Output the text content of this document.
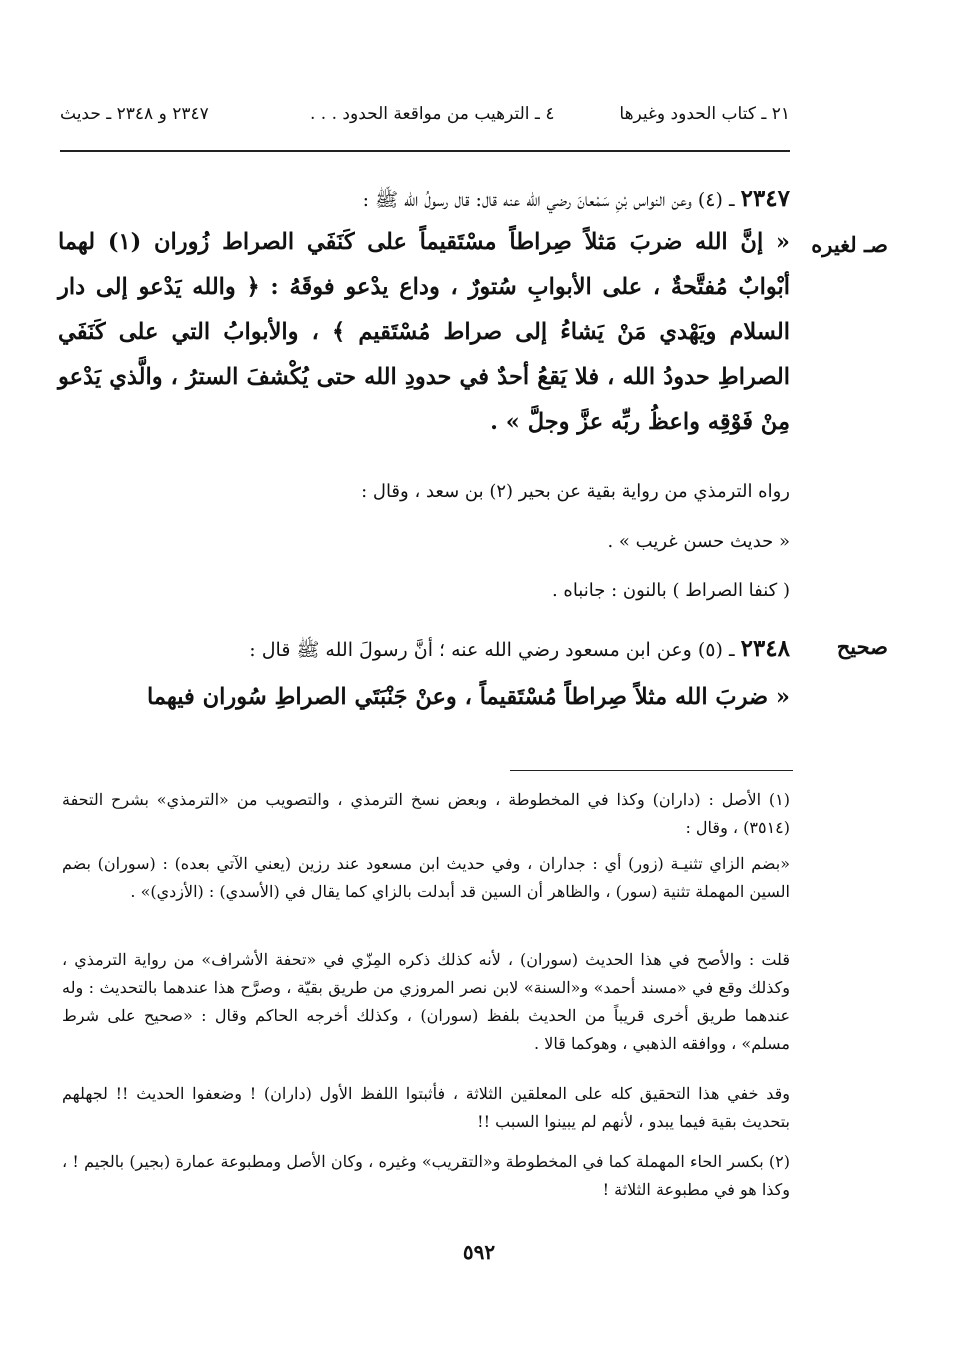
٢١ ـ كتاب الحدود وغيرها
٤ ـ الترهيب من مواقعة الحدود . . .
٢٣٤٧ و ٢٣٤٨ ـ حديث
٢٣٤٧ ـ (٤) وعن النواس بْنِ سَمْعانَ رضي الله عنه قال: قال رسولُ الله ﷺ :
صـ لغيره
« إنَّ الله ضربَ مَثلاً صِراطاً مسْتَقيماً على كَنَفَي الصراط زُوران (١) لهما أبْوابٌ مُفتَّحةٌ ، على الأبوابِ سُتورٌ ، وداع يدْعو فوقَهُ : ﴿ والله يَدْعو إلى دار السلام ويَهْدي مَنْ يَشاءُ إلى صراط مُسْتَقيم ﴾ ، والأبوابُ التي على كَنَفَي الصراطِ حدودُ الله ، فلا يَقعُ أحدٌ في حدودِ الله حتى يُكْشفَ السترُ ، والَّذي يَدْعو مِنْ فَوْقِه واعظُ ربِّه عزَّ وجلَّ » .
رواه الترمذي من رواية بقية عن بحير (٢) بن سعد ، وقال :
« حديث حسن غريب » .
( كنفا الصراط ) بالنون : جانباه .
صحيح
٢٣٤٨ ـ (٥) وعن ابن مسعود رضي الله عنه ؛ أنَّ رسولَ الله ﷺ قال :
« ضربَ الله مثلاً صِراطاً مُسْتَقيماً ، وعنْ جَنْبَتَي الصراطِ سُوران فيهما
(١) الأصل : (داران) وكذا في المخطوطة ، وبعض نسخ الترمذي ، والتصويب من «الترمذي» بشرح التحفة (٣٥١٤) ، وقال :
«بضم الزاي تثنيـة (زور) أي : جداران ، وفي حديث ابن مسعود عند رزين (يعني الآتي بعده) : (سوران) بضم السين المهملة تثنية (سور) ، والظاهر أن السين قد أبدلت بالزاي كما يقال في (الأسدي) : (الأزدي)» .
قلت : والأصح في هذا الحديث (سوران) ، لأنه كذلك ذكره المِزّي في «تحفة الأشراف» من رواية الترمذي ، وكذلك وقع في «مسند أحمد» و«السنة» لابن نصر المروزي من طريق بقيّة ، وصرَّح هذا عندهما بالتحديث : وله عندهما طريق أخرى قريباً من الحديث بلفظ (سوران) ، وكذلك أخرجه الحاكم وقال : «صحيح على شرط مسلم» ، ووافقه الذهبي ، وهوكما قالا .
وقد خفي هذا التحقيق كله على المعلقين الثلاثة ، فأثبتوا اللفظ الأول (داران) ! وضعفوا الحديث !! لجهلهم بتحديث بقية فيما يبدو ، لأنهم لم يبينوا السبب !!
(٢) بكسر الحاء المهملة كما في المخطوطة و«التقريب» وغيره ، وكان الأصل ومطبوعة عمارة (بجير) بالجيم ! ، وكذا هو في مطبوعة الثلاثة !
٥٩٢
